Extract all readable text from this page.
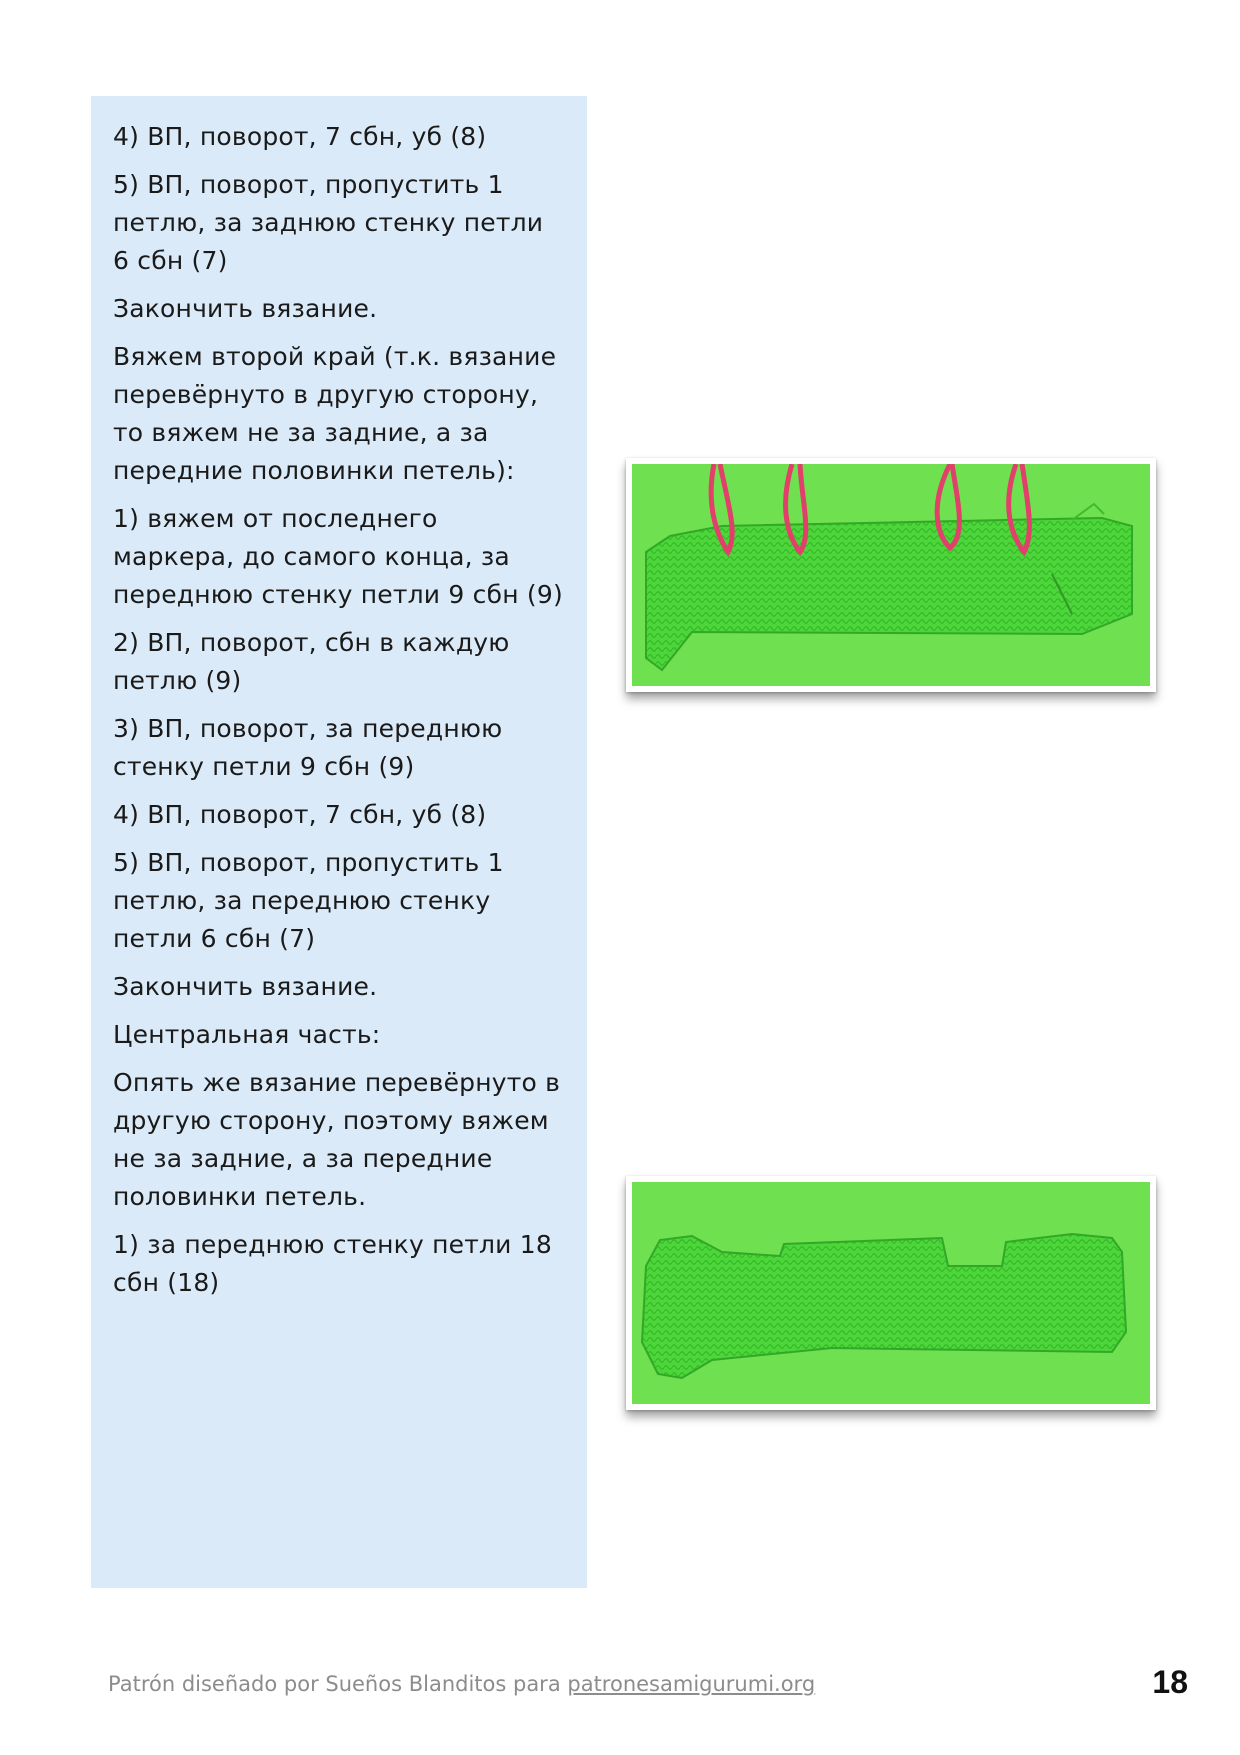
4) ВП, поворот, 7 сбн, уб (8)

5) ВП, поворот, пропустить 1 петлю, за заднюю стенку петли 6 сбн (7)

Закончить вязание.

Вяжем второй край (т.к. вязание перевёрнуто в другую сторону, то вяжем не за задние, а за передние половинки петель):

1) вяжем от последнего маркера, до самого конца, за переднюю стенку петли 9 сбн (9)

2) ВП, поворот, сбн в каждую петлю (9)

3) ВП, поворот, за переднюю стенку петли 9 сбн (9)

4) ВП, поворот, 7 сбн, уб (8)

5) ВП, поворот, пропустить 1 петлю, за переднюю стенку петли 6 сбн (7)

Закончить вязание.

Центральная часть:

Опять же вязание перевёрнуто в другую сторону, поэтому вяжем не за задние, а за передние половинки петель.

1) за переднюю стенку петли 18 сбн (18)

Patrón diseñado por Sueños Blanditos para patronesamigurumi.org	18
